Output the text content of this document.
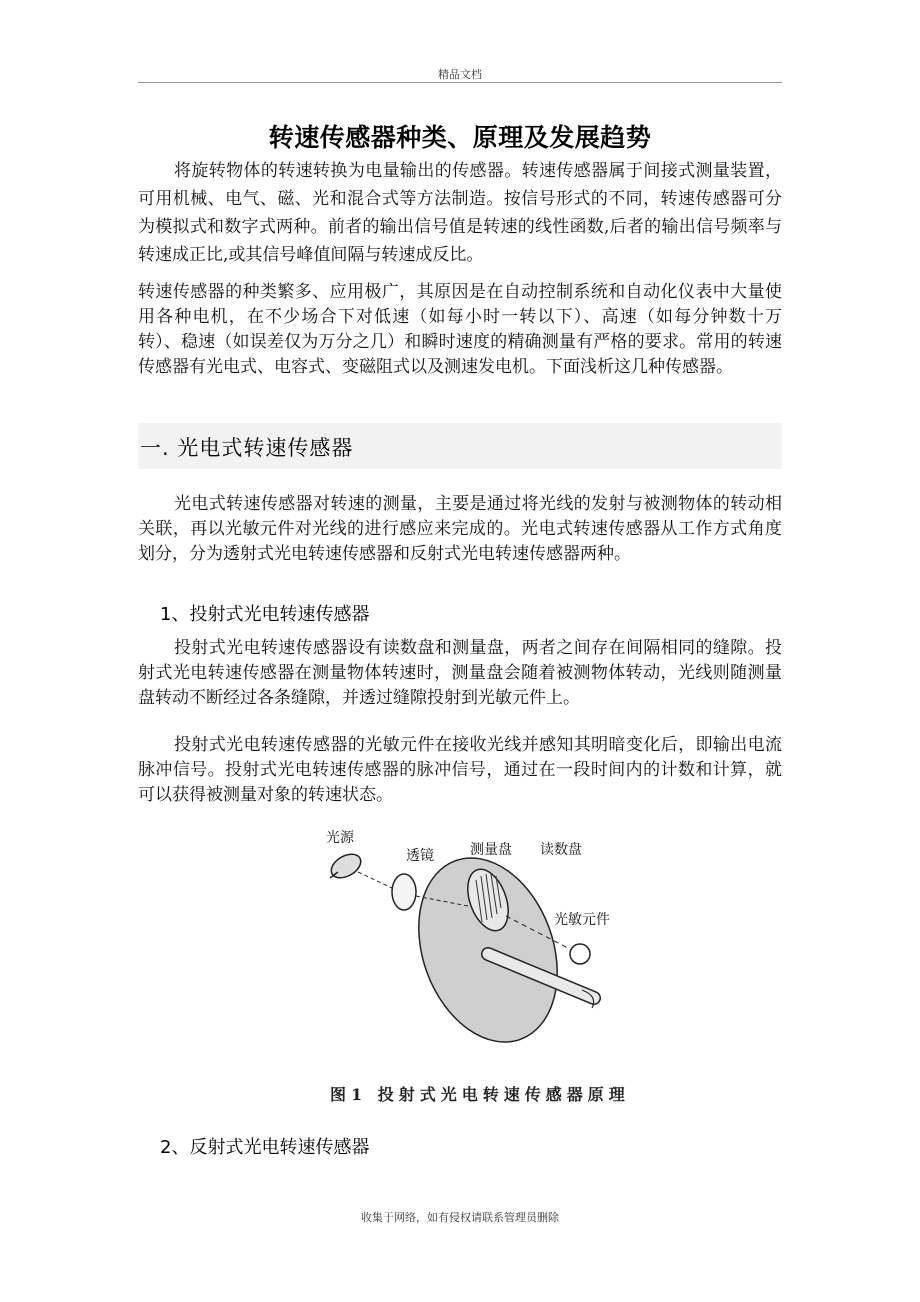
精品文档
转速传感器种类、原理及发展趋势

将旋转物体的转速转换为电量输出的传感器。转速传感器属于间接式测量装置，可用机械、电气、磁、光和混合式等方法制造。按信号形式的不同，转速传感器可分为模拟式和数字式两种。前者的输出信号值是转速的线性函数,后者的输出信号频率与转速成正比,或其信号峰值间隔与转速成反比。

转速传感器的种类繁多、应用极广，其原因是在自动控制系统和自动化仪表中大量使用各种电机，在不少场合下对低速（如每小时一转以下）、高速（如每分钟数十万转）、稳速（如误差仅为万分之几）和瞬时速度的精确测量有严格的要求。常用的转速传感器有光电式、电容式、变磁阻式以及测速发电机。下面浅析这几种传感器。

一. 光电式转速传感器

光电式转速传感器对转速的测量，主要是通过将光线的发射与被测物体的转动相关联，再以光敏元件对光线的进行感应来完成的。光电式转速传感器从工作方式角度划分，分为透射式光电转速传感器和反射式光电转速传感器两种。

1、投射式光电转速传感器

投射式光电转速传感器设有读数盘和测量盘，两者之间存在间隔相同的缝隙。投射式光电转速传感器在测量物体转速时，测量盘会随着被测物体转动，光线则随测量盘转动不断经过各条缝隙，并透过缝隙投射到光敏元件上。

投射式光电转速传感器的光敏元件在接收光线并感知其明暗变化后，即输出电流脉冲信号。投射式光电转速传感器的脉冲信号，通过在一段时间内的计数和计算，就可以获得被测量对象的转速状态。

光源
透镜	测量盘 读数盘
光敏元件
图1 投射式光电转速传感器原理
2、反射式光电转速传感器
收集于网络，如有侵权请联系管理员删除
